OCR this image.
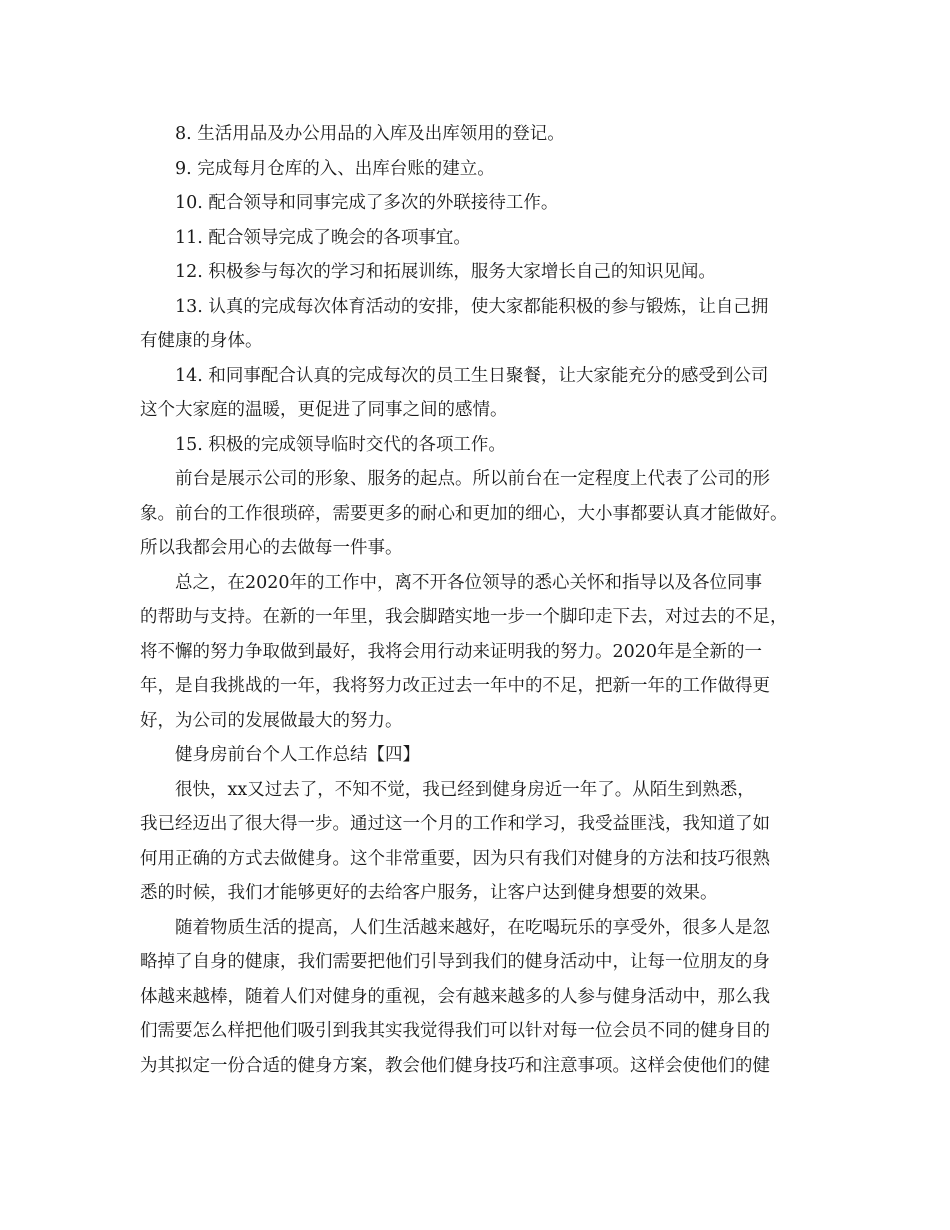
8. 生活用品及办公用品的入库及出库领用的登记。
9. 完成每月仓库的入、出库台账的建立。
10. 配合领导和同事完成了多次的外联接待工作。
11. 配合领导完成了晚会的各项事宜。
12. 积极参与每次的学习和拓展训练，服务大家增长自己的知识见闻。
13. 认真的完成每次体育活动的安排，使大家都能积极的参与锻炼，让自己拥
有健康的身体。
14. 和同事配合认真的完成每次的员工生日聚餐，让大家能充分的感受到公司
这个大家庭的温暖，更促进了同事之间的感情。
15. 积极的完成领导临时交代的各项工作。
前台是展示公司的形象、服务的起点。所以前台在一定程度上代表了公司的形
象。前台的工作很琐碎，需要更多的耐心和更加的细心，大小事都要认真才能做好。
所以我都会用心的去做每一件事。
总之，在2020年的工作中，离不开各位领导的悉心关怀和指导以及各位同事
的帮助与支持。在新的一年里，我会脚踏实地一步一个脚印走下去，对过去的不足，
将不懈的努力争取做到最好，我将会用行动来证明我的努力。2020年是全新的一
年，是自我挑战的一年，我将努力改正过去一年中的不足，把新一年的工作做得更
好，为公司的发展做最大的努力。
健身房前台个人工作总结【四】
很快，xx又过去了，不知不觉，我已经到健身房近一年了。从陌生到熟悉，
我已经迈出了很大得一步。通过这一个月的工作和学习，我受益匪浅，我知道了如
何用正确的方式去做健身。这个非常重要，因为只有我们对健身的方法和技巧很熟
悉的时候，我们才能够更好的去给客户服务，让客户达到健身想要的效果。
随着物质生活的提高，人们生活越来越好，在吃喝玩乐的享受外，很多人是忽
略掉了自身的健康，我们需要把他们引导到我们的健身活动中，让每一位朋友的身
体越来越棒，随着人们对健身的重视，会有越来越多的人参与健身活动中，那么我
们需要怎么样把他们吸引到我其实我觉得我们可以针对每一位会员不同的健身目的
为其拟定一份合适的健身方案，教会他们健身技巧和注意事项。这样会使他们的健
